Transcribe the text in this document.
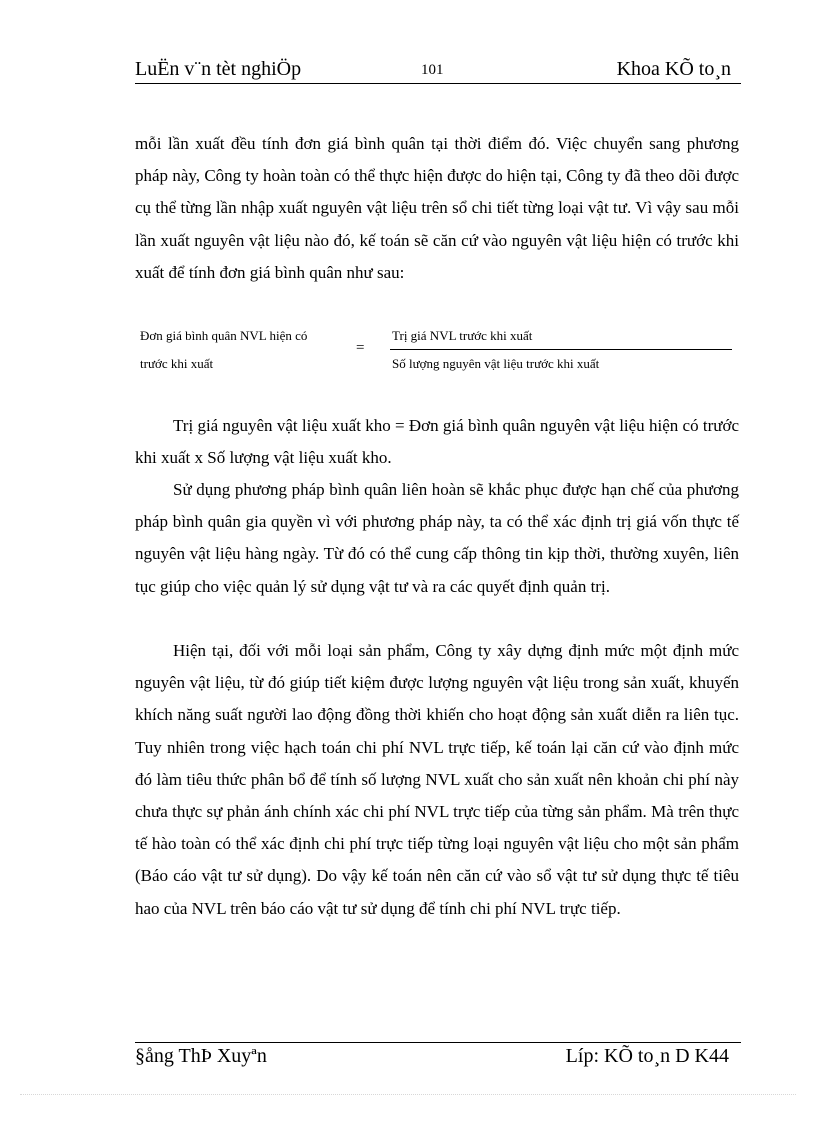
LuËn v¨n tèt nghiÖp	101	Khoa KÕ to¸n

mỗi lần xuất đều tính đơn giá bình quân tại thời điểm đó. Việc chuyển sang phương pháp này, Công ty hoàn toàn có thể thực hiện được do hiện tại, Công ty đã theo dõi được cụ thể từng lần nhập xuất nguyên vật liệu trên sổ chi tiết từng loại vật tư. Vì vậy sau mỗi lần xuất nguyên vật liệu nào đó, kế toán sẽ căn cứ vào nguyên vật liệu hiện có trước khi xuất để tính đơn giá bình quân như sau:

Đơn giá bình quân NVL hiện có
trước khi xuất
=
Trị giá NVL trước khi xuất
Số lượng nguyên vật liệu trước khi xuất

Trị giá nguyên vật liệu xuất kho = Đơn giá bình quân nguyên vật liệu hiện có trước khi xuất x Số lượng vật liệu xuất kho.

Sử dụng phương pháp bình quân liên hoàn sẽ khắc phục được hạn chế của phương pháp bình quân gia quyền vì với phương pháp này, ta có thể xác định trị giá vốn thực tế nguyên vật liệu hàng ngày. Từ đó có thể cung cấp thông tin kịp thời, thường xuyên, liên tục giúp cho việc quản lý sử dụng vật tư và ra các quyết định quản trị.

Hiện tại, đối với mỗi loại sản phẩm, Công ty xây dựng định mức một định mức nguyên vật liệu, từ đó giúp tiết kiệm được lượng nguyên vật liệu trong sản xuất, khuyến khích năng suất người lao động đồng thời khiến cho hoạt động sản xuất diễn ra liên tục. Tuy nhiên trong việc hạch toán chi phí NVL trực tiếp, kế toán lại căn cứ vào định mức đó làm tiêu thức phân bổ để tính số lượng NVL xuất cho sản xuất nên khoản chi phí này chưa thực sự phản ánh chính xác chi phí NVL trực tiếp của từng sản phẩm. Mà trên thực tế hào toàn có thể xác định chi phí trực tiếp từng loại nguyên vật liệu cho một sản phẩm (Báo cáo vật tư sử dụng). Do vậy kế toán nên căn cứ vào sổ vật tư sử dụng thực tế tiêu hao của NVL trên báo cáo vật tư sử dụng để tính chi phí NVL trực tiếp.

§ång ThÞ Xuyªn	Líp: KÕ to¸n D K44
